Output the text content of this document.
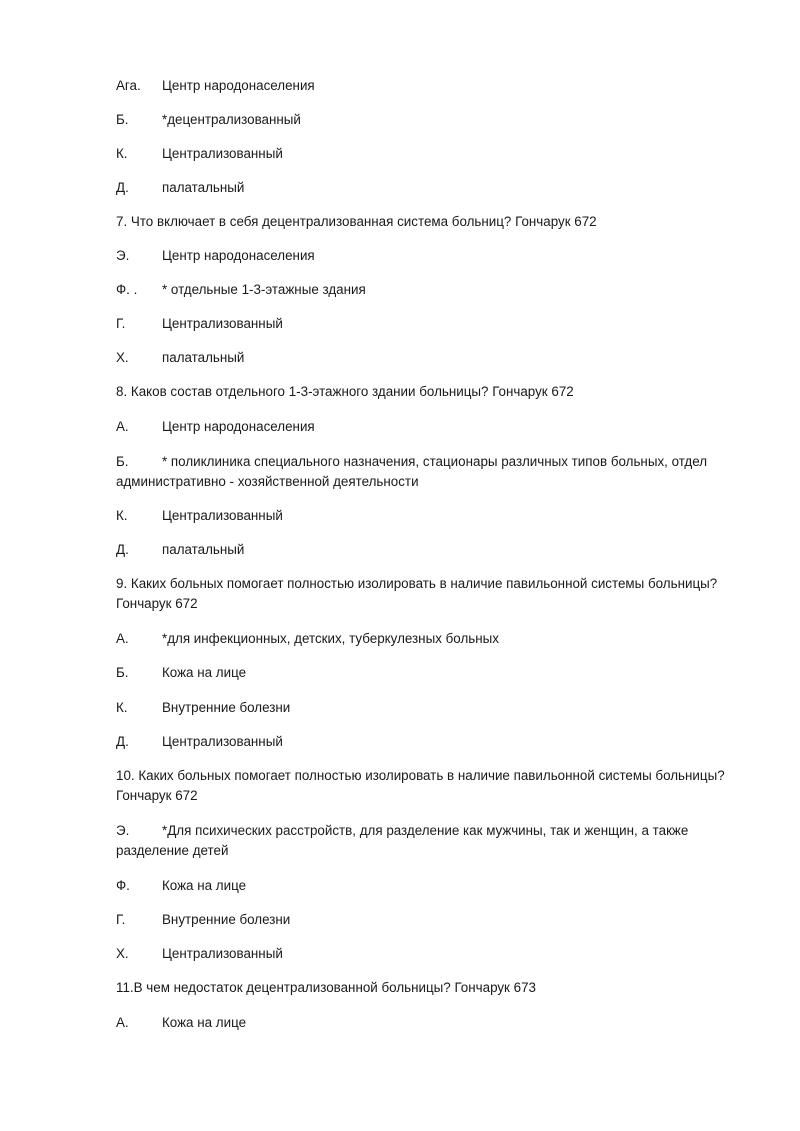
Ага.	Центр народонаселения
Б.	*децентрализованный
К.	Централизованный
Д.	палатальный
7. Что включает в себя децентрализованная система больниц? Гончарук 672
Э.	Центр народонаселения
Ф. .	* отдельные 1-3-этажные здания
Г.	Централизованный
Х.	палатальный
8. Каков состав отдельного 1-3-этажного здании больницы? Гончарук 672
А.	Центр народонаселения
Б. * поликлиника специального назначения, стационары различных типов больных, отдел административно - хозяйственной деятельности
К.	Централизованный
Д.	палатальный
9. Каких больных помогает полностью изолировать в наличие павильонной системы больницы? Гончарук 672
А.	*для инфекционных, детских, туберкулезных больных
Б.	Кожа на лице
К.	Внутренние болезни
Д.	Централизованный
10. Каких больных помогает полностью изолировать в наличие павильонной системы больницы? Гончарук 672
Э. *Для психических расстройств, для разделение как мужчины, так и женщин, а также разделение детей
Ф.	Кожа на лице
Г.	Внутренние болезни
Х.	Централизованный
11.В чем недостаток децентрализованной больницы? Гончарук 673
А.	Кожа на лице
